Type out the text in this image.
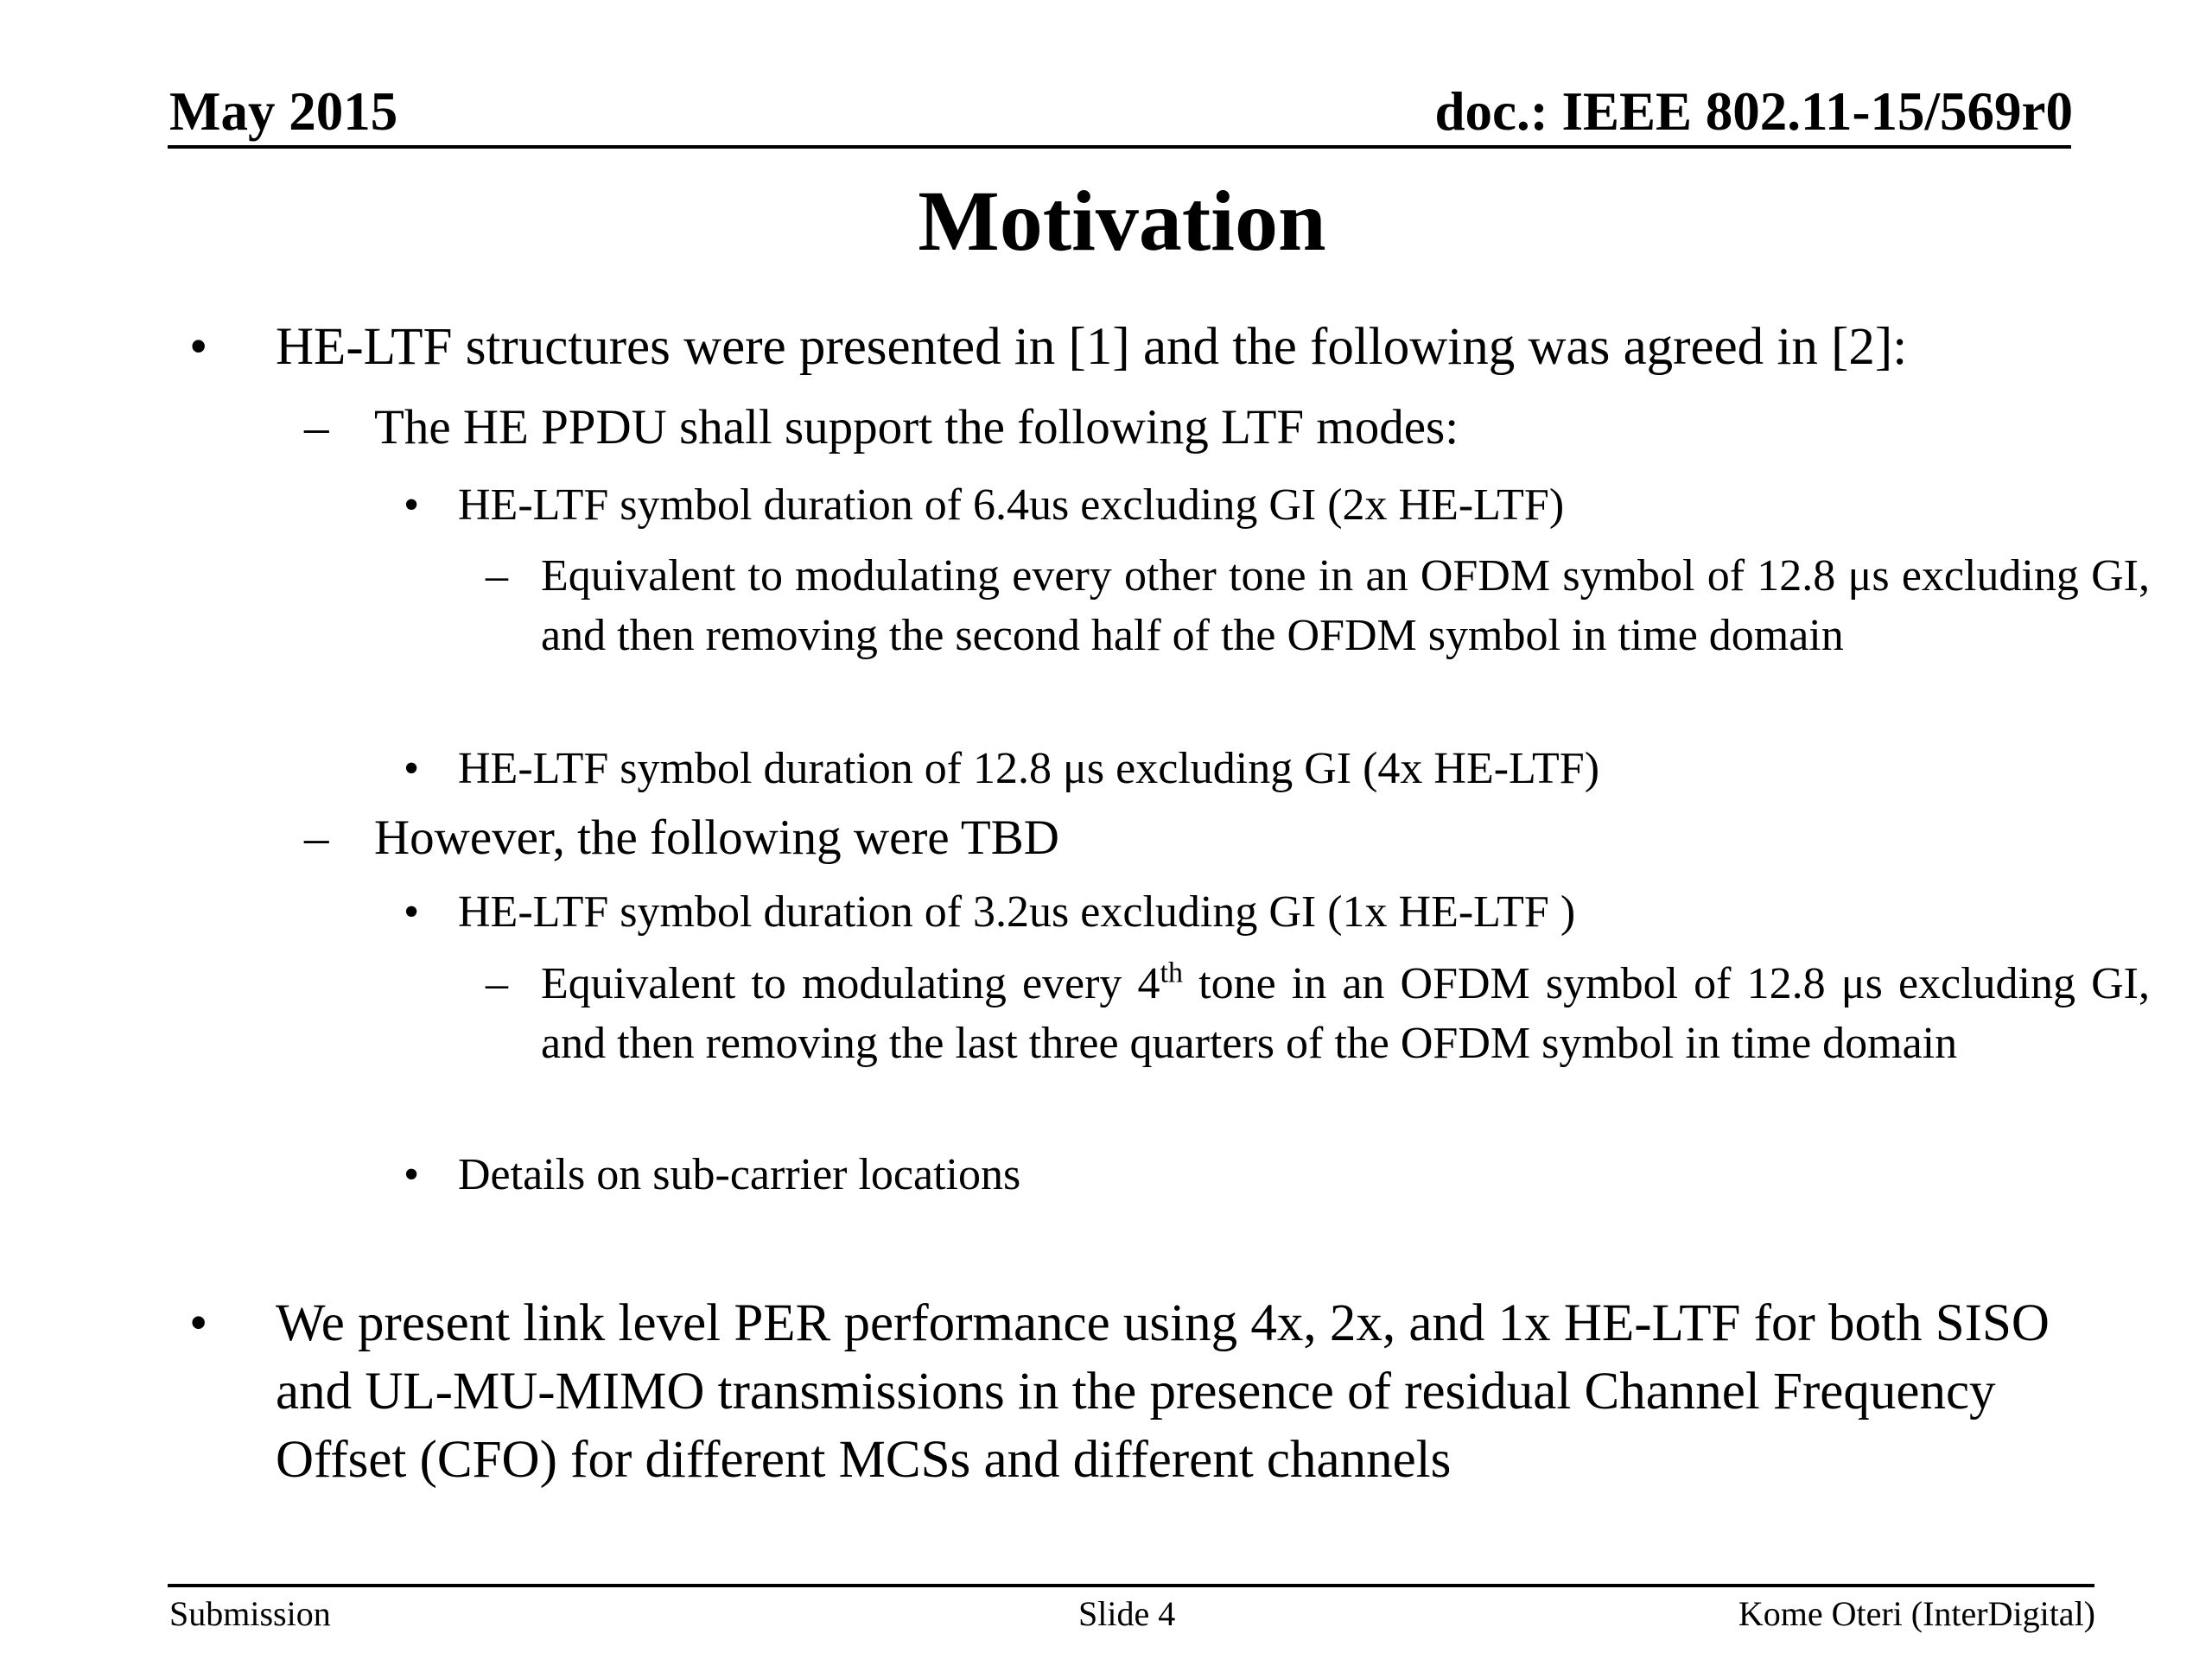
May 2015	doc.: IEEE 802.11-15/569r0
Motivation
• HE-LTF structures were presented in [1] and the following was agreed in [2]:
– The HE PPDU shall support the following LTF modes:
• HE-LTF symbol duration of 6.4us excluding GI (2x HE-LTF)
– Equivalent to modulating every other tone in an OFDM symbol of 12.8 μs excluding GI, and then removing the second half of the OFDM symbol in time domain
• HE-LTF symbol duration of 12.8 μs excluding GI (4x HE-LTF)
– However, the following were TBD
• HE-LTF symbol duration of 3.2us excluding GI (1x HE-LTF )
– Equivalent to modulating every 4th tone in an OFDM symbol of 12.8 μs excluding GI, and then removing the last three quarters of the OFDM symbol in time domain
• Details on sub-carrier locations
• We present link level PER performance using 4x, 2x, and 1x HE-LTF for both SISO and UL-MU-MIMO transmissions in the presence of residual Channel Frequency Offset (CFO) for different MCSs and different channels
Submission	Slide 4	Kome Oteri (InterDigital)
